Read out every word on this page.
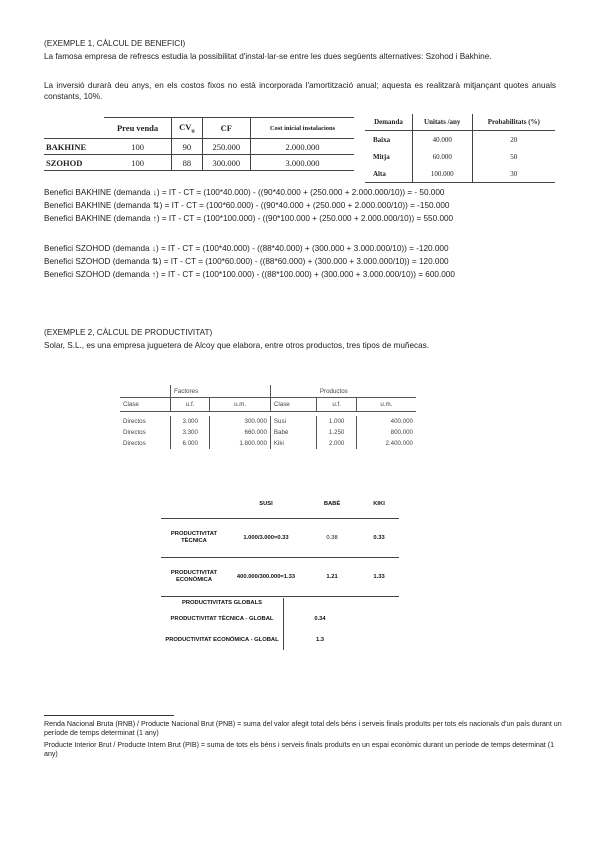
(EXEMPLE 1, CÀLCUL DE BENEFICI)
La famosa empresa de refrescs estudia la possibilitat d'instal·lar-se entre les dues següents alternatives: Szohod i Bakhine.
La inversió durarà deu anys, en els costos fixos no està incorporada l'amortització anual; aquesta es realitzarà mitjançant quotes anuals constants, 10%.
	Preu venda	$CV_u$	CF	Cost inicial instalacions
BAKHINE	100	90	250.000	2.000.000
SZOHOD	100	88	300.000	3.000.000
Demanda	Unitats /any	Probabilitats (%)
Baixa	40.000	20
Mitja	60.000	50
Alta	100.000	30
Benefici BAKHINE (demanda ↓) = IT - CT = (100*40.000) - ((90*40.000 + (250.000 + 2.000.000/10)) = - 50.000
Benefici BAKHINE (demanda ⇅) = IT - CT = (100*60.000) - ((90*40.000 + (250.000 + 2.000.000/10)) = -150.000
Benefici BAKHINE (demanda ↑) = IT - CT = (100*100.000) - ((90*100.000 + (250.000 + 2.000.000/10)) = 550.000
Benefici SZOHOD (demanda ↓) = IT - CT = (100*40.000) - ((88*40.000) + (300.000 + 3.000.000/10)) = -120.000
Benefici SZOHOD (demanda ⇅) = IT - CT = (100*60.000) - ((88*60.000) + (300.000 + 3.000.000/10)) = 120.000
Benefici SZOHOD (demanda ↑) = IT - CT = (100*100.000) - ((88*100.000) + (300.000 + 3.000.000/10)) = 600.000
(EXEMPLE 2, CÀLCUL DE PRODUCTIVITAT)
Solar, S.L., es una empresa juguetera de Alcoy que elabora, entre otros productos, tres tipos de muñecas.
	Factores			Productos	
Clase	u.f.	u.m.	Clase	u.f.	u.m.

Directos	3.000	300.000	Susi	1.000	400.000
Directos	3.300	660.000	Babé	1.250	800.000
Directos	6.000	1.800.000	Kiki	2.000	2.400.000
	SUSI	BABÉ	KIKI
PRODUCTIVITAT TÈCNICA	1.000/3.000=0.33	0.38	0.33
PRODUCTIVITAT ECONÒMICA	400.000/300.000=1.33	1.21	1.33
PRODUCTIVITATS GLOBALS		
PRODUCTIVITAT TÈCNICA - GLOBAL	0.34	
PRODUCTIVITAT ECONÒMICA - GLOBAL	1.3	
Renda Nacional Bruta (RNB) / Producte Nacional Brut (PNB) = suma del valor afegit total dels béns i serveis finals produïts per tots els nacionals d'un país durant un període de temps determinat (1 any)
Producte Interior Brut / Producte Intern Brut (PIB) = suma de tots els béns i serveis finals produïts en un espai econòmic durant un període de temps determinat (1 any)
